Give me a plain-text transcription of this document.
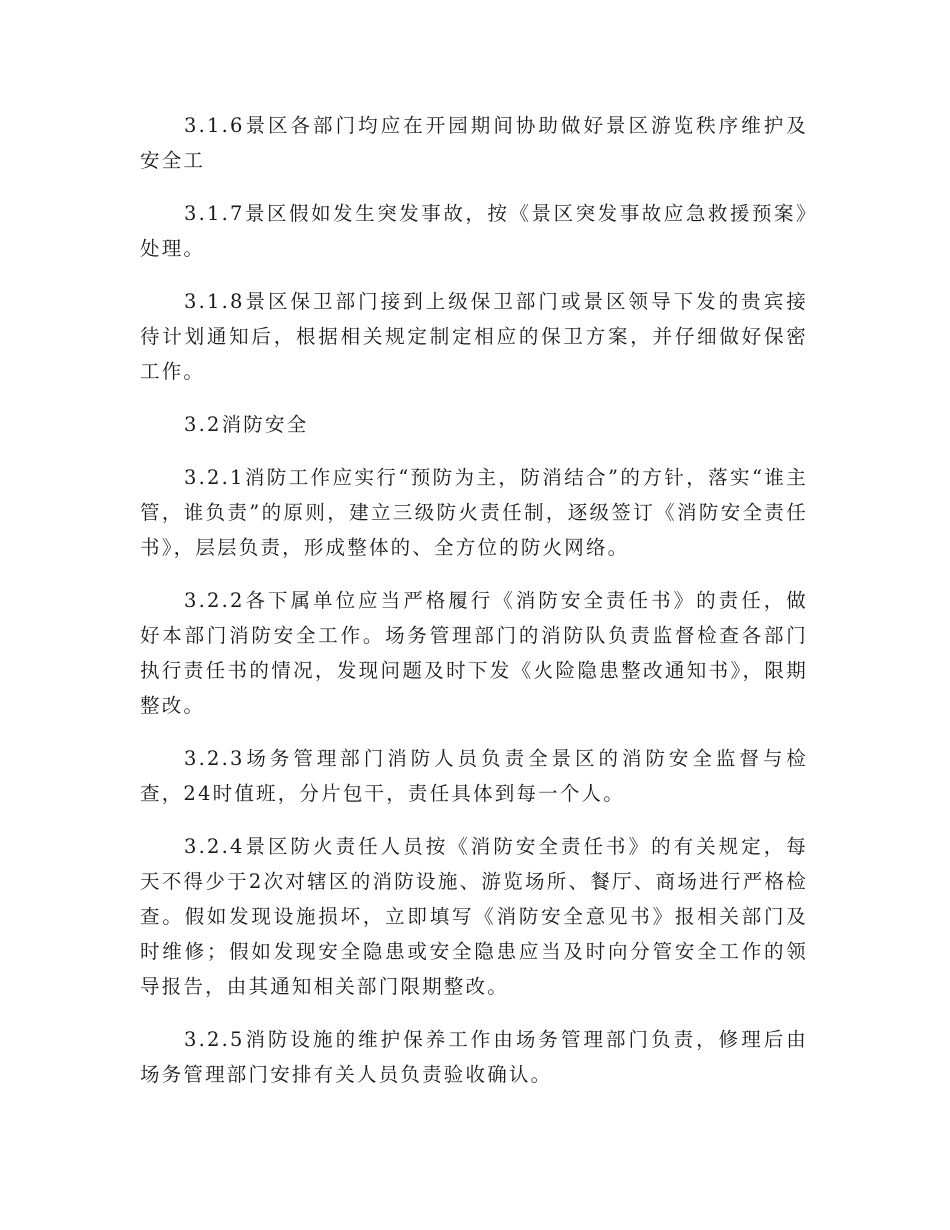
3.1.6景区各部门均应在开园期间协助做好景区游览秩序维护及安全工

3.1.7景区假如发生突发事故，按《景区突发事故应急救援预案》处理。

3.1.8景区保卫部门接到上级保卫部门或景区领导下发的贵宾接待计划通知后，根据相关规定制定相应的保卫方案，并仔细做好保密工作。

3.2消防安全

3.2.1消防工作应实行“预防为主，防消结合”的方针，落实“谁主管，谁负责”的原则，建立三级防火责任制，逐级签订《消防安全责任书》，层层负责，形成整体的、全方位的防火网络。

3.2.2各下属单位应当严格履行《消防安全责任书》的责任，做好本部门消防安全工作。场务管理部门的消防队负责监督检查各部门执行责任书的情况，发现问题及时下发《火险隐患整改通知书》，限期整改。

3.2.3场务管理部门消防人员负责全景区的消防安全监督与检查，24时值班，分片包干，责任具体到每一个人。

3.2.4景区防火责任人员按《消防安全责任书》的有关规定，每天不得少于2次对辖区的消防设施、游览场所、餐厅、商场进行严格检查。假如发现设施损坏，立即填写《消防安全意见书》报相关部门及时维修；假如发现安全隐患或安全隐患应当及时向分管安全工作的领导报告，由其通知相关部门限期整改。

3.2.5消防设施的维护保养工作由场务管理部门负责，修理后由场务管理部门安排有关人员负责验收确认。
